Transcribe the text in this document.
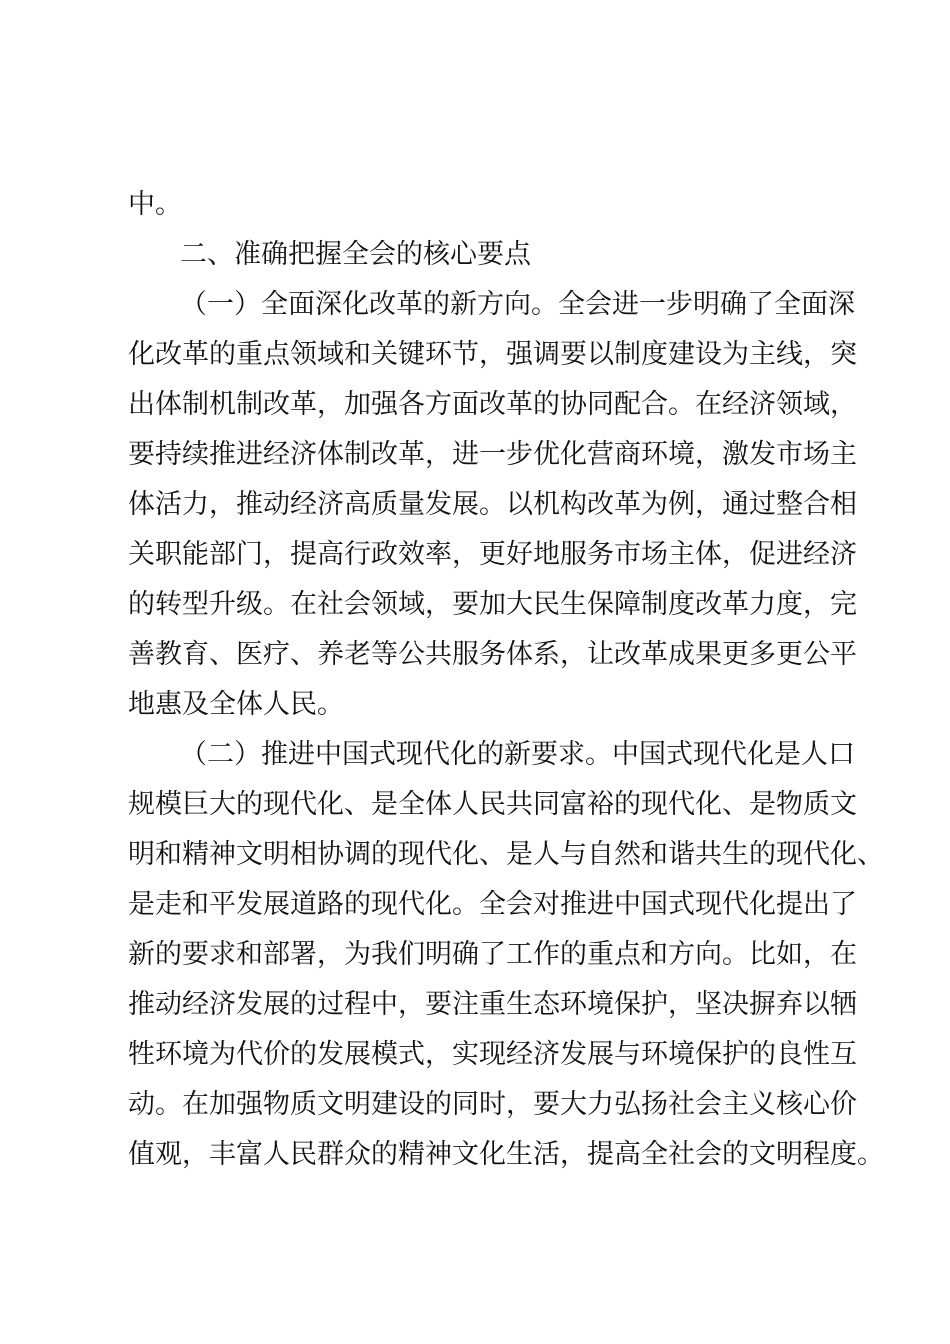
中。
二、准确把握全会的核心要点
（一）全面深化改革的新方向。全会进一步明确了全面深
化改革的重点领域和关键环节，强调要以制度建设为主线，突
出体制机制改革，加强各方面改革的协同配合。在经济领域，
要持续推进经济体制改革，进一步优化营商环境，激发市场主
体活力，推动经济高质量发展。以机构改革为例，通过整合相
关职能部门，提高行政效率，更好地服务市场主体，促进经济
的转型升级。在社会领域，要加大民生保障制度改革力度，完
善教育、医疗、养老等公共服务体系，让改革成果更多更公平
地惠及全体人民。
（二）推进中国式现代化的新要求。中国式现代化是人口
规模巨大的现代化、是全体人民共同富裕的现代化、是物质文
明和精神文明相协调的现代化、是人与自然和谐共生的现代化、
是走和平发展道路的现代化。全会对推进中国式现代化提出了
新的要求和部署，为我们明确了工作的重点和方向。比如，在
推动经济发展的过程中，要注重生态环境保护，坚决摒弃以牺
牲环境为代价的发展模式，实现经济发展与环境保护的良性互
动。在加强物质文明建设的同时，要大力弘扬社会主义核心价
值观，丰富人民群众的精神文化生活，提高全社会的文明程度。
